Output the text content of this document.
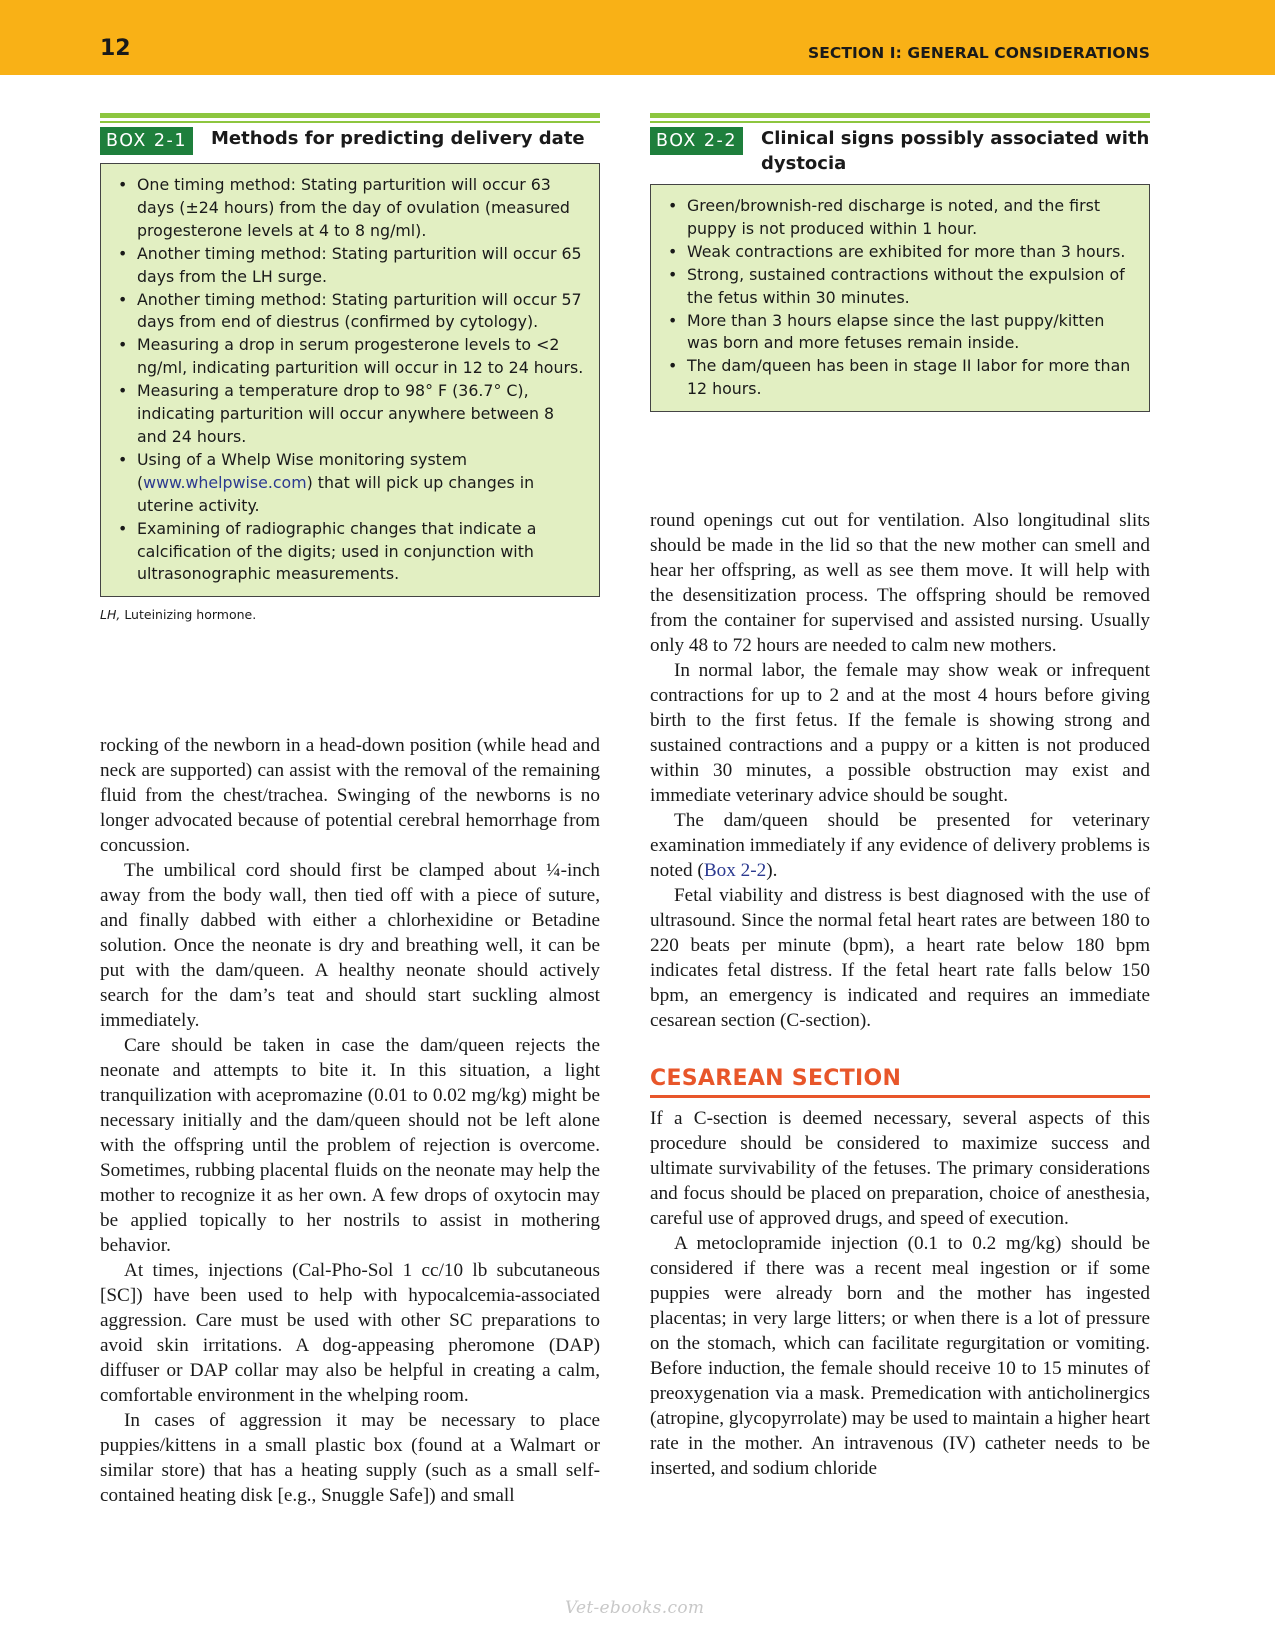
12	SECTION I: GENERAL CONSIDERATIONS
BOX 2-1	Methods for predicting delivery date
• One timing method: Stating parturition will occur 63 days (±24 hours) from the day of ovulation (measured progesterone levels at 4 to 8 ng/ml).
• Another timing method: Stating parturition will occur 65 days from the LH surge.
• Another timing method: Stating parturition will occur 57 days from end of diestrus (confirmed by cytology).
• Measuring a drop in serum progesterone levels to <2 ng/ml, indicating parturition will occur in 12 to 24 hours.
• Measuring a temperature drop to 98° F (36.7° C), indicating parturition will occur anywhere between 8 and 24 hours.
• Using of a Whelp Wise monitoring system (www.whelpwise.com) that will pick up changes in uterine activity.
• Examining of radiographic changes that indicate a calcification of the digits; used in conjunction with ultrasonographic measurements.
LH, Luteinizing hormone.
BOX 2-2	Clinical signs possibly associated with dystocia
• Green/brownish-red discharge is noted, and the first puppy is not produced within 1 hour.
• Weak contractions are exhibited for more than 3 hours.
• Strong, sustained contractions without the expulsion of the fetus within 30 minutes.
• More than 3 hours elapse since the last puppy/kitten was born and more fetuses remain inside.
• The dam/queen has been in stage II labor for more than 12 hours.

rocking of the newborn in a head-down position (while head and neck are supported) can assist with the removal of the remaining fluid from the chest/trachea. Swinging of the newborns is no longer advocated because of potential cerebral hemorrhage from concussion.

The umbilical cord should first be clamped about ¼-inch away from the body wall, then tied off with a piece of suture, and finally dabbed with either a chlorhexidine or Betadine solution. Once the neonate is dry and breathing well, it can be put with the dam/queen. A healthy neonate should actively search for the dam’s teat and should start suckling almost immediately.

Care should be taken in case the dam/queen rejects the neonate and attempts to bite it. In this situation, a light tranquilization with acepromazine (0.01 to 0.02 mg/kg) might be necessary initially and the dam/queen should not be left alone with the offspring until the problem of rejection is overcome. Sometimes, rubbing placental fluids on the neonate may help the mother to recognize it as her own. A few drops of oxytocin may be applied topically to her nostrils to assist in mothering behavior.

At times, injections (Cal-Pho-Sol 1 cc/10 lb subcutaneous [SC]) have been used to help with hypocalcemia-associated aggression. Care must be used with other SC preparations to avoid skin irritations. A dog-appeasing pheromone (DAP) diffuser or DAP collar may also be helpful in creating a calm, comfortable environment in the whelping room.

In cases of aggression it may be necessary to place puppies/kittens in a small plastic box (found at a Walmart or similar store) that has a heating supply (such as a small self-contained heating disk [e.g., Snuggle Safe]) and small

round openings cut out for ventilation. Also longitudinal slits should be made in the lid so that the new mother can smell and hear her offspring, as well as see them move. It will help with the desensitization process. The offspring should be removed from the container for supervised and assisted nursing. Usually only 48 to 72 hours are needed to calm new mothers.

In normal labor, the female may show weak or infrequent contractions for up to 2 and at the most 4 hours before giving birth to the first fetus. If the female is showing strong and sustained contractions and a puppy or a kitten is not produced within 30 minutes, a possible obstruction may exist and immediate veterinary advice should be sought.

The dam/queen should be presented for veterinary examination immediately if any evidence of delivery problems is noted (Box 2-2).

Fetal viability and distress is best diagnosed with the use of ultrasound. Since the normal fetal heart rates are between 180 to 220 beats per minute (bpm), a heart rate below 180 bpm indicates fetal distress. If the fetal heart rate falls below 150 bpm, an emergency is indicated and requires an immediate cesarean section (C-section).

CESAREAN SECTION

If a C-section is deemed necessary, several aspects of this procedure should be considered to maximize success and ultimate survivability of the fetuses. The primary considerations and focus should be placed on preparation, choice of anesthesia, careful use of approved drugs, and speed of execution.

A metoclopramide injection (0.1 to 0.2 mg/kg) should be considered if there was a recent meal ingestion or if some puppies were already born and the mother has ingested placentas; in very large litters; or when there is a lot of pressure on the stomach, which can facilitate regurgitation or vomiting. Before induction, the female should receive 10 to 15 minutes of preoxygenation via a mask. Premedication with anticholinergics (atropine, glycopyrrolate) may be used to maintain a higher heart rate in the mother. An intravenous (IV) catheter needs to be inserted, and sodium chloride

Vet-ebooks.com
